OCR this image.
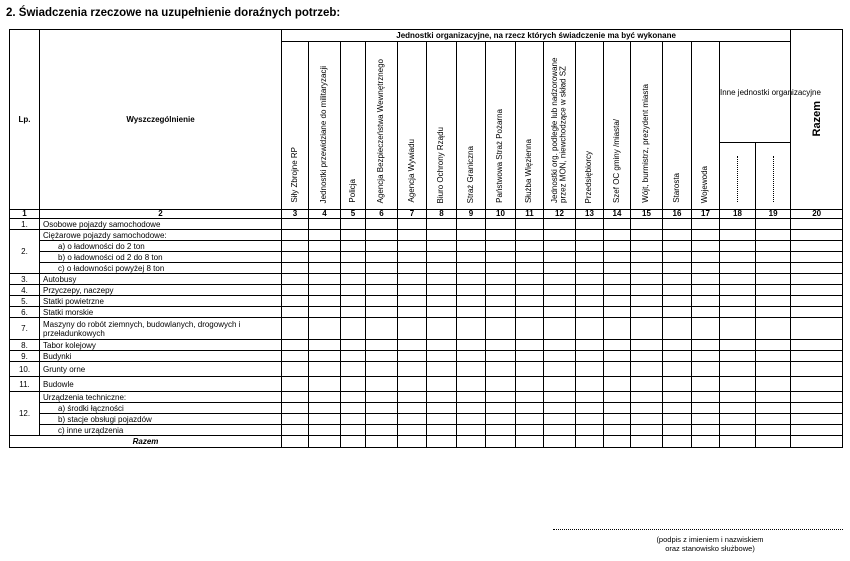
2. Świadczenia rzeczowe na uzupełnienie doraźnych potrzeb:
Lp.	Wyszczególnienie	Jednostki organizacyjne, na rzecz których świadczenie ma być wykonane																	Razem

		Siły Zbrojne RP	Jednostki przewidziane do militaryzacji	Policja	Agencja Bezpieczeństwa Wewnętrznego	Agencja Wywiadu	Biuro Ochrony Rządu	Straż Graniczna	Państwowa Straż Pożarna	Służba Więzienna	Jednostki org. podległe lub nadzorowane przez MON, niewchodzące w skład SZ	Przedsiębiorcy	Szef OC gminy /miasta/	Wójt, burmistrz, prezydent miasta	Starosta	Wojewoda	Inne jednostki organizacyjne		

1	2	3	4	5	6	7	8	9	10	11	12	13	14	15	16	17	18	19	20
1.	Osobowe pojazdy samochodowe																		
2.	Ciężarowe pojazdy samochodowe:																		
	a) o ładowności do 2 ton																		
	b) o ładowności od 2 do 8 ton																		
	c) o ładowności powyżej 8 ton																		
3.	Autobusy																		
4.	Przyczepy, naczepy																		
5.	Statki powietrzne																		
6.	Statki morskie																		
7.	Maszyny do robót ziemnych, budowlanych, drogowych i przeładunkowych																		
8.	Tabor kolejowy																		
9.	Budynki																		
10.	Grunty orne																		
11.	Budowle																		
12.	Urządzenia techniczne:																		
	a) środki łączności																		
	b) stacje obsługi pojazdów																		
	c) inne urządzenia																		
Razem																			
(podpis z imieniem i nazwiskiem
oraz stanowisko służbowe)
